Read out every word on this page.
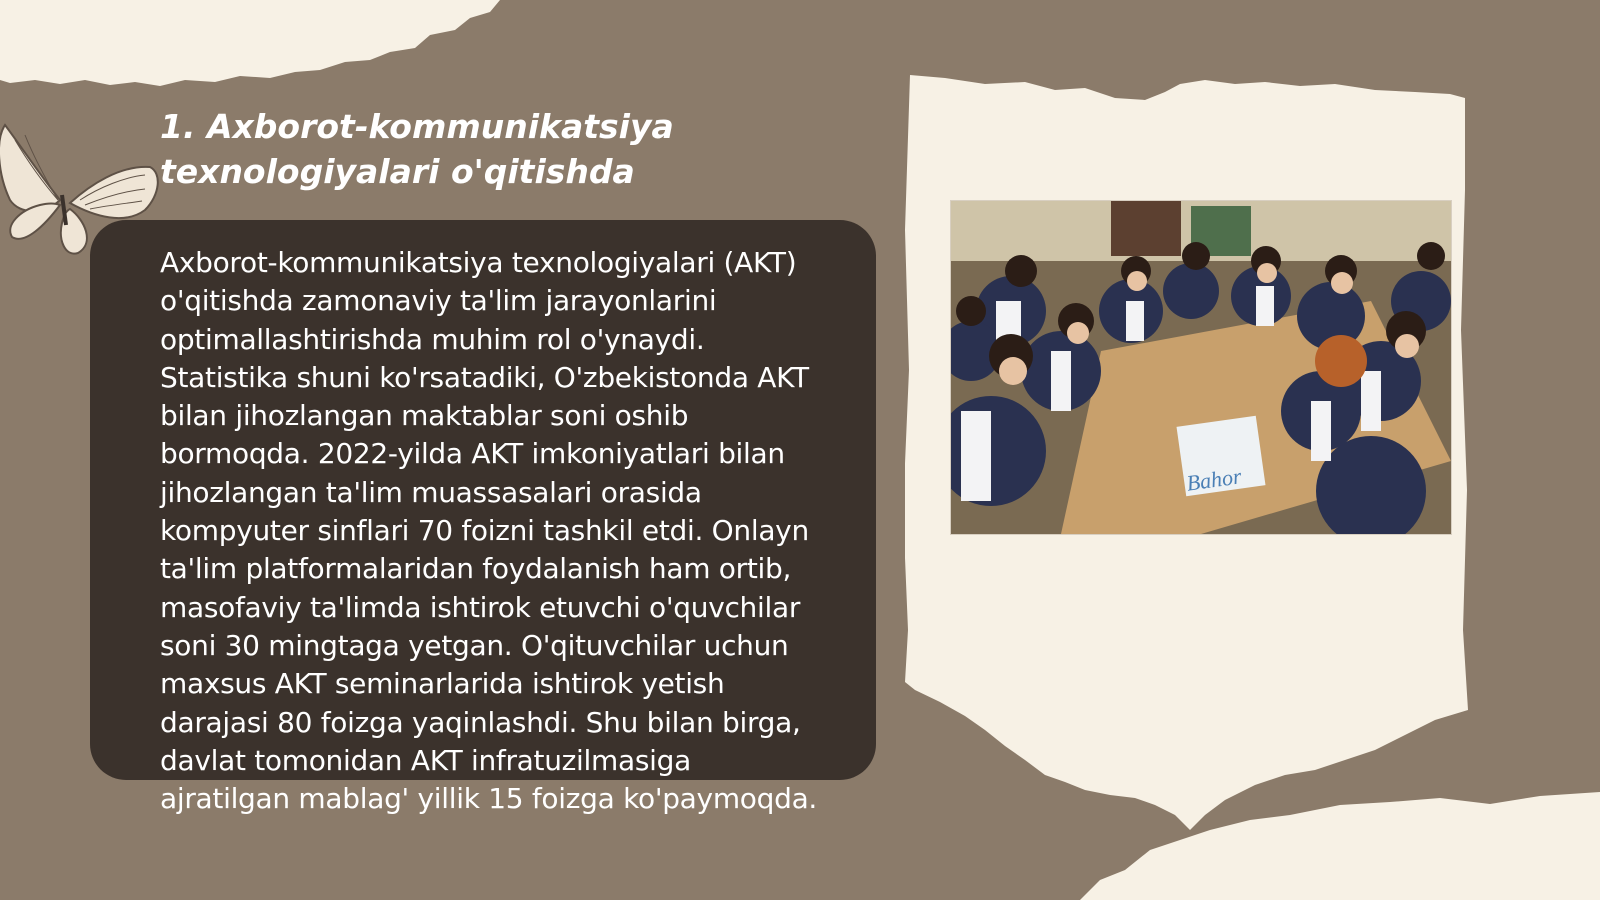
1. Axborot-kommunikatsiya texnologiyalari o'qitishda

Axborot-kommunikatsiya texnologiyalari (AKT) o'qitishda zamonaviy ta'lim jarayonlarini optimallashtirishda muhim rol o'ynaydi. Statistika shuni ko'rsatadiki, O'zbekistonda AKT bilan jihozlangan maktablar soni oshib bormoqda. 2022-yilda AKT imkoniyatlari bilan jihozlangan ta'lim muassasalari orasida kompyuter sinflari 70 foizni tashkil etdi. Onlayn ta'lim platformalaridan foydalanish ham ortib, masofaviy ta'limda ishtirok etuvchi o'quvchilar soni 30 mingtaga yetgan. O'qituvchilar uchun maxsus AKT seminarlarida ishtirok yetish darajasi 80 foizga yaqinlashdi. Shu bilan birga, davlat tomonidan AKT infratuzilmasiga ajratilgan mablag' yillik 15 foizga ko'paymoqda.

Bahor
